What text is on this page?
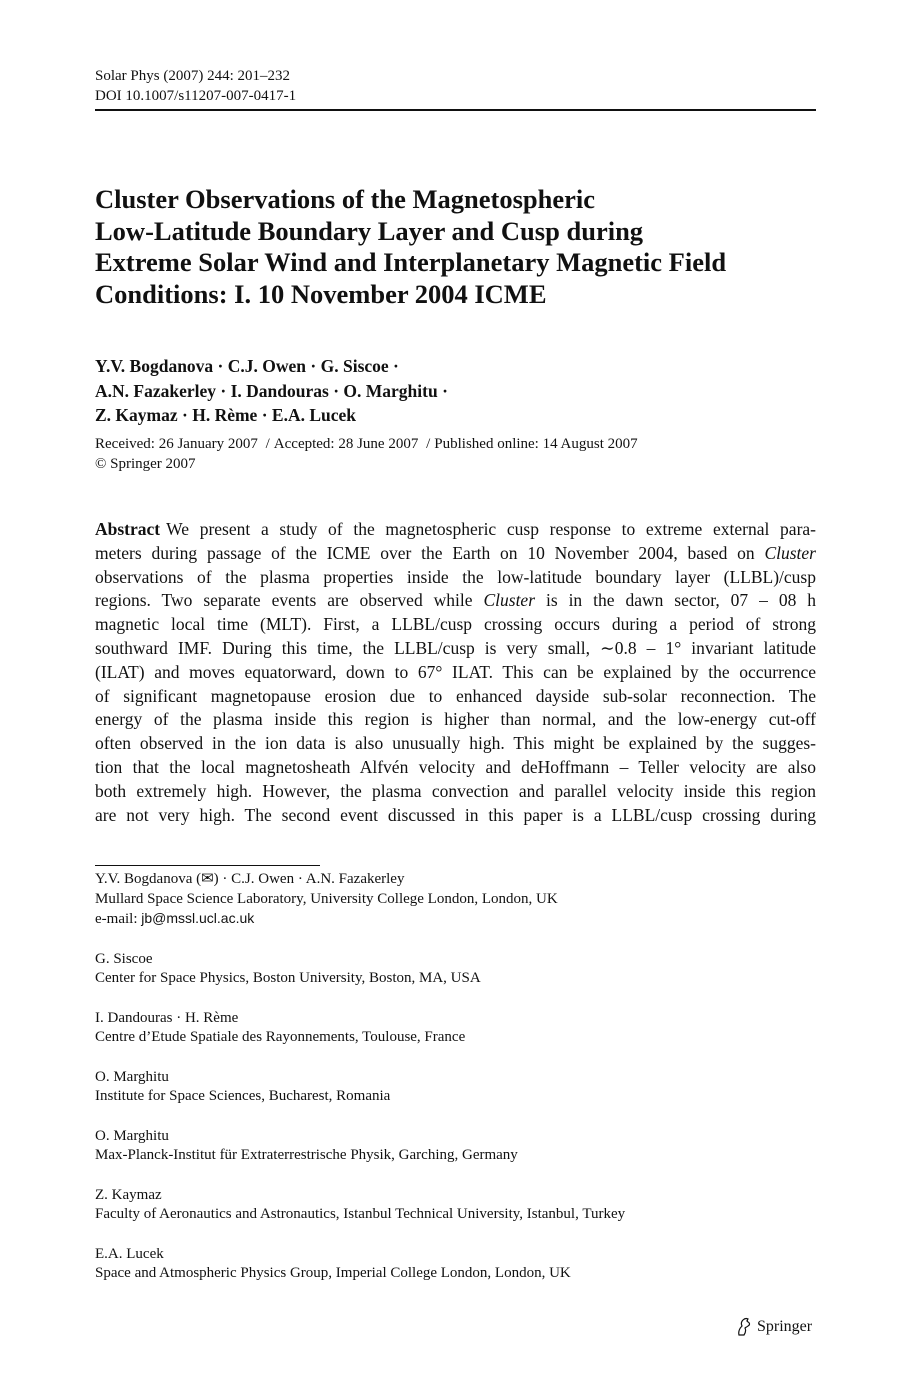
Solar Phys (2007) 244: 201–232
DOI 10.1007/s11207-007-0417-1
Cluster Observations of the Magnetospheric
Low-Latitude Boundary Layer and Cusp during
Extreme Solar Wind and Interplanetary Magnetic Field
Conditions: I. 10 November 2004 ICME
Y.V. Bogdanova · C.J. Owen · G. Siscoe ·
A.N. Fazakerley · I. Dandouras · O. Marghitu ·
Z. Kaymaz · H. Rème · E.A. Lucek
Received: 26 January 2007 / Accepted: 28 June 2007 / Published online: 14 August 2007
© Springer 2007
Abstract We present a study of the magnetospheric cusp response to extreme external para-
meters during passage of the ICME over the Earth on 10 November 2004, based on Cluster
observations of the plasma properties inside the low-latitude boundary layer (LLBL)/cusp
regions. Two separate events are observed while Cluster is in the dawn sector, 07 – 08 h
magnetic local time (MLT). First, a LLBL/cusp crossing occurs during a period of strong
southward IMF. During this time, the LLBL/cusp is very small, ∼0.8 – 1° invariant latitude
(ILAT) and moves equatorward, down to 67° ILAT. This can be explained by the occurrence
of significant magnetopause erosion due to enhanced dayside sub-solar reconnection. The
energy of the plasma inside this region is higher than normal, and the low-energy cut-off
often observed in the ion data is also unusually high. This might be explained by the sugges-
tion that the local magnetosheath Alfvén velocity and deHoffmann – Teller velocity are also
both extremely high. However, the plasma convection and parallel velocity inside this region
are not very high. The second event discussed in this paper is a LLBL/cusp crossing during
Y.V. Bogdanova (✉) · C.J. Owen · A.N. Fazakerley
Mullard Space Science Laboratory, University College London, London, UK
e-mail: jb@mssl.ucl.ac.uk
G. Siscoe
Center for Space Physics, Boston University, Boston, MA, USA
I. Dandouras · H. Rème
Centre d’Etude Spatiale des Rayonnements, Toulouse, France
O. Marghitu
Institute for Space Sciences, Bucharest, Romania
O. Marghitu
Max-Planck-Institut für Extraterrestrische Physik, Garching, Germany
Z. Kaymaz
Faculty of Aeronautics and Astronautics, Istanbul Technical University, Istanbul, Turkey
E.A. Lucek
Space and Atmospheric Physics Group, Imperial College London, London, UK
Springer
